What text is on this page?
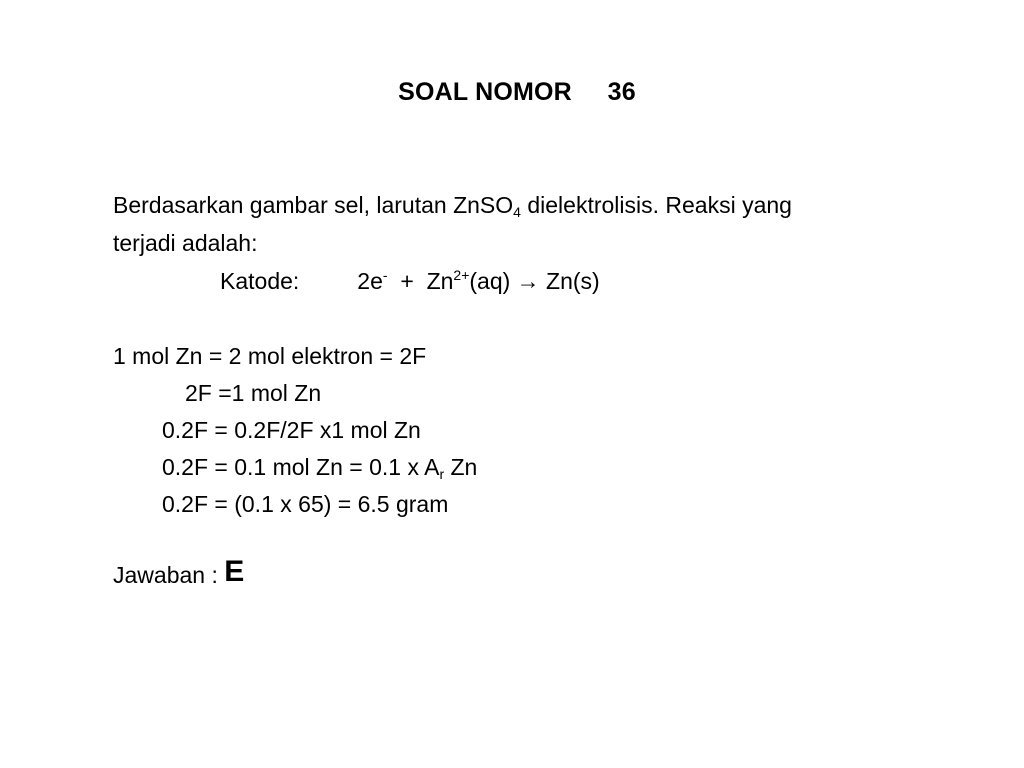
SOAL NOMOR     36
Berdasarkan gambar sel, larutan ZnSO$_4$ dielektrolisis. Reaksi yang
terjadi adalah:
Katode:	$2e^- + Zn^{2+}(aq) \to Zn(s)$
1 mol Zn = 2 mol elektron = 2F
2F =1 mol Zn
0.2F = 0.2F/2F x1 mol Zn
0.2F = 0.1 mol Zn = 0.1 x $A_r$ Zn
0.2F = (0.1 x 65) = 6.5 gram
Jawaban : E
